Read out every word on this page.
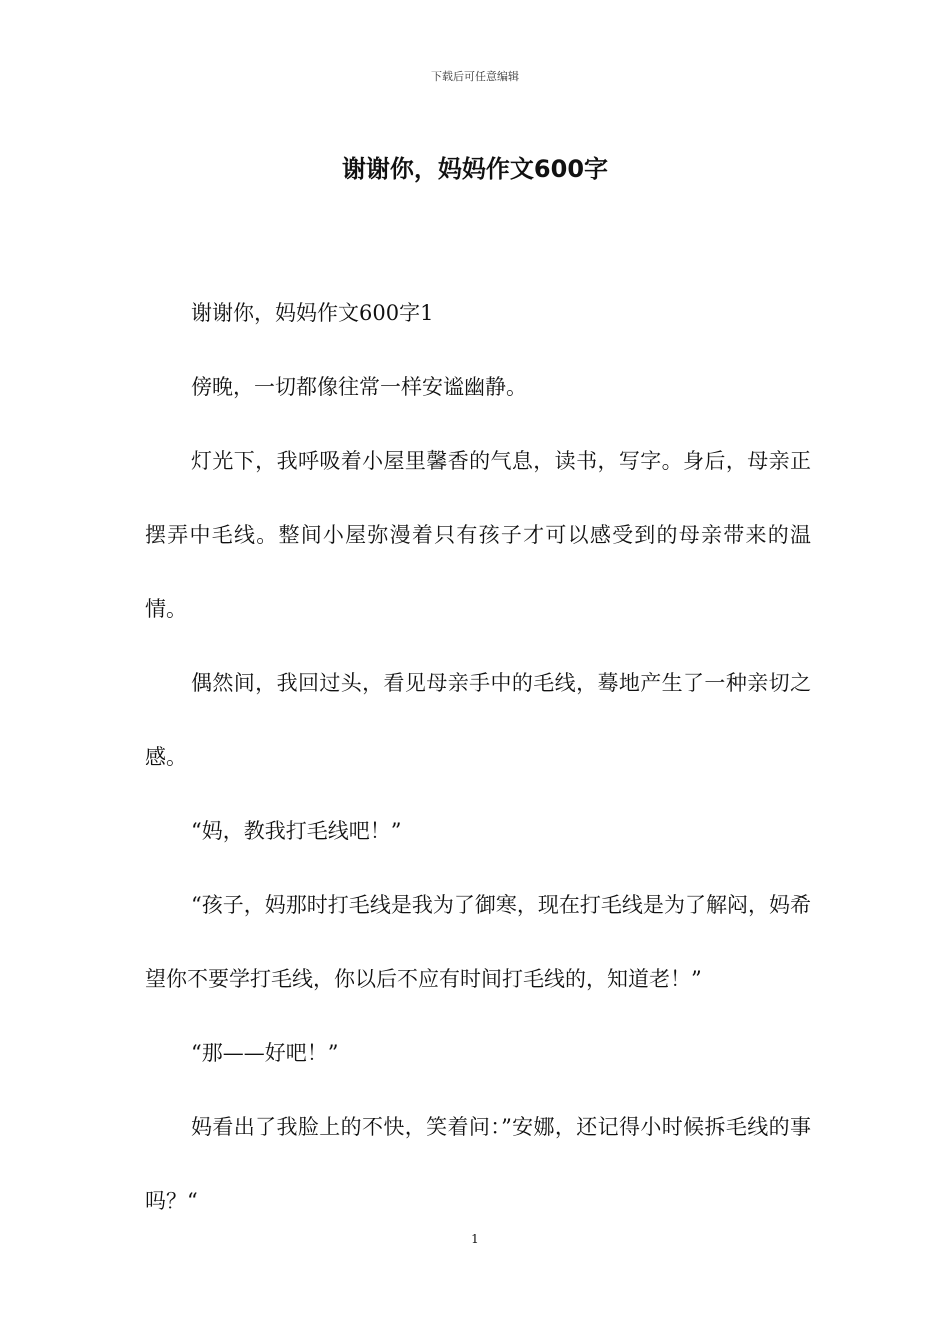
下载后可任意编辑
谢谢你，妈妈作文600字

谢谢你，妈妈作文600字1

傍晚，一切都像往常一样安谧幽静。

灯光下，我呼吸着小屋里馨香的气息，读书，写字。身后，母亲正摆弄中毛线。整间小屋弥漫着只有孩子才可以感受到的母亲带来的温情。

偶然间，我回过头，看见母亲手中的毛线，蓦地产生了一种亲切之感。

“妈，教我打毛线吧！”

“孩子，妈那时打毛线是我为了御寒，现在打毛线是为了解闷，妈希望你不要学打毛线，你以后不应有时间打毛线的，知道老！”

“那——好吧！”

妈看出了我脸上的不快，笑着问：”安娜，还记得小时候拆毛线的事吗？“

1
